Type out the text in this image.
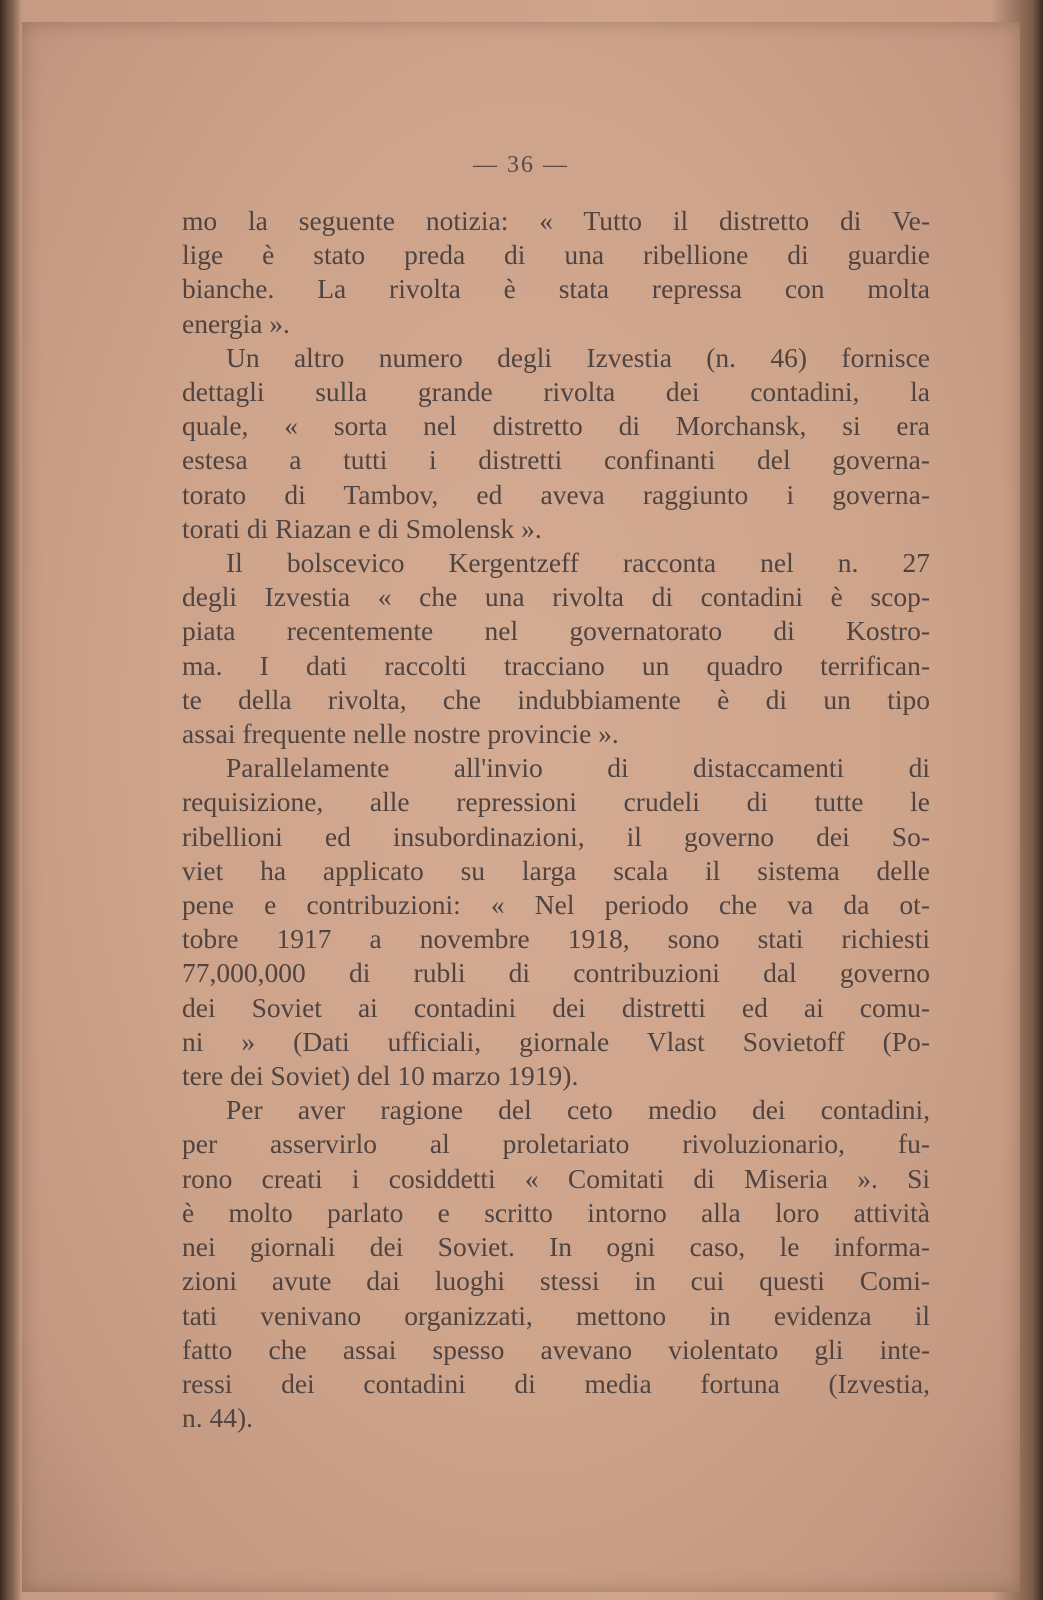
— 36 —
mo la seguente notizia: « Tutto il distretto di Ve-
lige è stato preda di una ribellione di guardie
bianche. La rivolta è stata repressa con molta
energia ».
Un altro numero degli Izvestia (n. 46) fornisce
dettagli sulla grande rivolta dei contadini, la
quale, « sorta nel distretto di Morchansk, si era
estesa a tutti i distretti confinanti del governa-
torato di Tambov, ed aveva raggiunto i governa-
torati di Riazan e di Smolensk ».
Il bolscevico Kergentzeff racconta nel n. 27
degli Izvestia « che una rivolta di contadini è scop-
piata recentemente nel governatorato di Kostro-
ma. I dati raccolti tracciano un quadro terrifican-
te della rivolta, che indubbiamente è di un tipo
assai frequente nelle nostre provincie ».
Parallelamente all'invio di distaccamenti di
requisizione, alle repressioni crudeli di tutte le
ribellioni ed insubordinazioni, il governo dei So-
viet ha applicato su larga scala il sistema delle
pene e contribuzioni: « Nel periodo che va da ot-
tobre 1917 a novembre 1918, sono stati richiesti
77,000,000 di rubli di contribuzioni dal governo
dei Soviet ai contadini dei distretti ed ai comu-
ni » (Dati ufficiali, giornale Vlast Sovietoff (Po-
tere dei Soviet) del 10 marzo 1919).
Per aver ragione del ceto medio dei contadini,
per asservirlo al proletariato rivoluzionario, fu-
rono creati i cosiddetti « Comitati di Miseria ». Si
è molto parlato e scritto intorno alla loro attività
nei giornali dei Soviet. In ogni caso, le informa-
zioni avute dai luoghi stessi in cui questi Comi-
tati venivano organizzati, mettono in evidenza il
fatto che assai spesso avevano violentato gli inte-
ressi dei contadini di media fortuna (Izvestia,
n. 44).
